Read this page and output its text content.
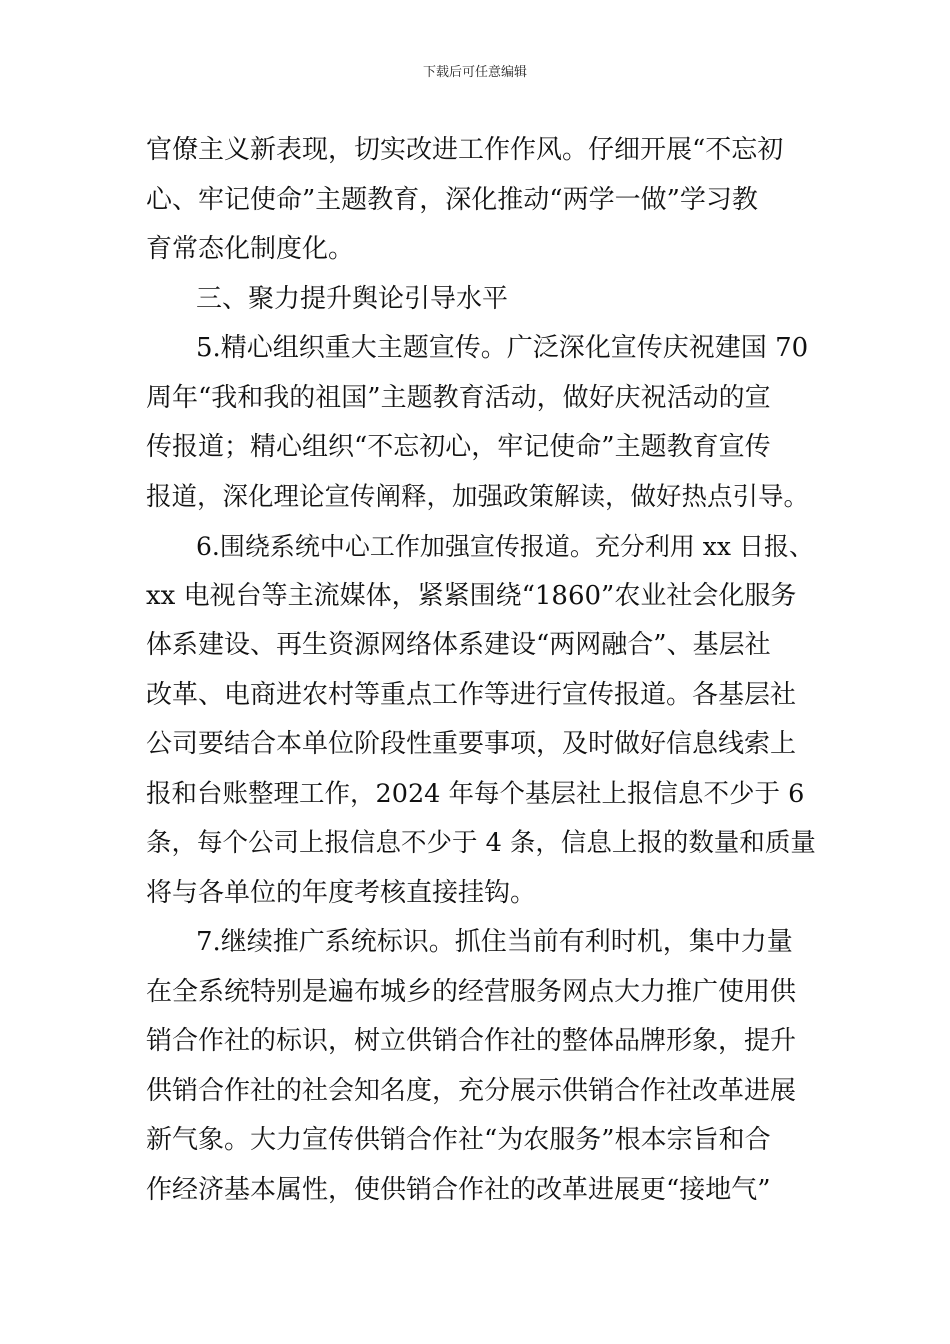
下载后可任意编辑
官僚主义新表现，切实改进工作作风。仔细开展“不忘初
心、牢记使命”主题教育，深化推动“两学一做”学习教
育常态化制度化。
三、聚力提升舆论引导水平
5.精心组织重大主题宣传。广泛深化宣传庆祝建国 70
周年“我和我的祖国”主题教育活动，做好庆祝活动的宣
传报道；精心组织“不忘初心，牢记使命”主题教育宣传
报道，深化理论宣传阐释，加强政策解读，做好热点引导。
6.围绕系统中心工作加强宣传报道。充分利用 xx 日报、
xx 电视台等主流媒体，紧紧围绕“1860”农业社会化服务
体系建设、再生资源网络体系建设“两网融合”、基层社
改革、电商进农村等重点工作等进行宣传报道。各基层社
公司要结合本单位阶段性重要事项，及时做好信息线索上
报和台账整理工作，2024 年每个基层社上报信息不少于 6
条，每个公司上报信息不少于 4 条，信息上报的数量和质量
将与各单位的年度考核直接挂钩。
7.继续推广系统标识。抓住当前有利时机，集中力量
在全系统特别是遍布城乡的经营服务网点大力推广使用供
销合作社的标识，树立供销合作社的整体品牌形象，提升
供销合作社的社会知名度，充分展示供销合作社改革进展
新气象。大力宣传供销合作社“为农服务”根本宗旨和合
作经济基本属性，使供销合作社的改革进展更“接地气”
